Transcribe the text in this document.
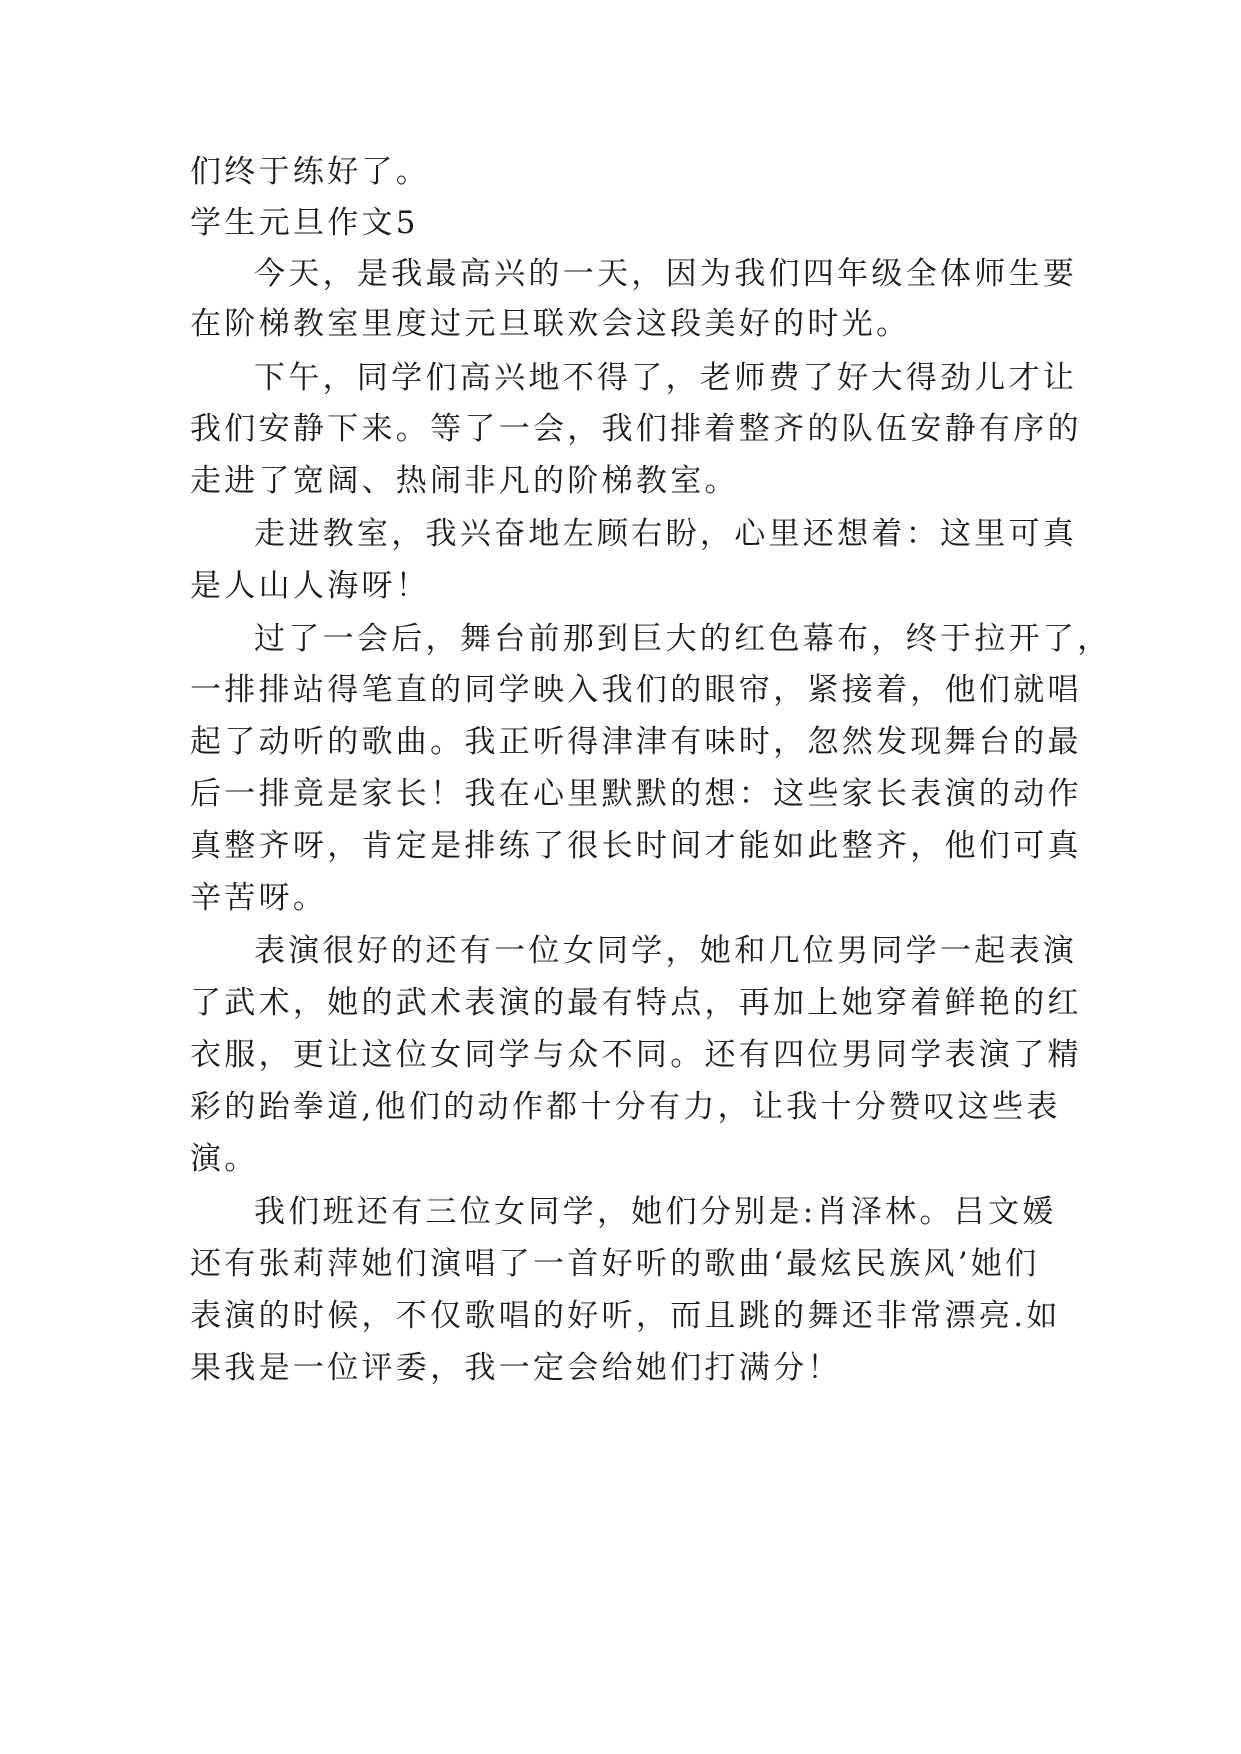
们终于练好了。
学生元旦作文5
今天，是我最高兴的一天，因为我们四年级全体师生要
在阶梯教室里度过元旦联欢会这段美好的时光。
下午，同学们高兴地不得了，老师费了好大得劲儿才让
我们安静下来。等了一会，我们排着整齐的队伍安静有序的
走进了宽阔、热闹非凡的阶梯教室。
走进教室，我兴奋地左顾右盼，心里还想着：这里可真
是人山人海呀！
过了一会后，舞台前那到巨大的红色幕布，终于拉开了，
一排排站得笔直的同学映入我们的眼帘，紧接着，他们就唱
起了动听的歌曲。我正听得津津有味时，忽然发现舞台的最
后一排竟是家长！我在心里默默的想：这些家长表演的动作
真整齐呀，肯定是排练了很长时间才能如此整齐，他们可真
辛苦呀。
表演很好的还有一位女同学，她和几位男同学一起表演
了武术，她的武术表演的最有特点，再加上她穿着鲜艳的红
衣服，更让这位女同学与众不同。还有四位男同学表演了精
彩的跆拳道,他们的动作都十分有力，让我十分赞叹这些表
演。
我们班还有三位女同学，她们分别是:肖泽林。吕文媛
还有张莉萍她们演唱了一首好听的歌曲‘最炫民族风’她们
表演的时候，不仅歌唱的好听，而且跳的舞还非常漂亮.如
果我是一位评委，我一定会给她们打满分！
